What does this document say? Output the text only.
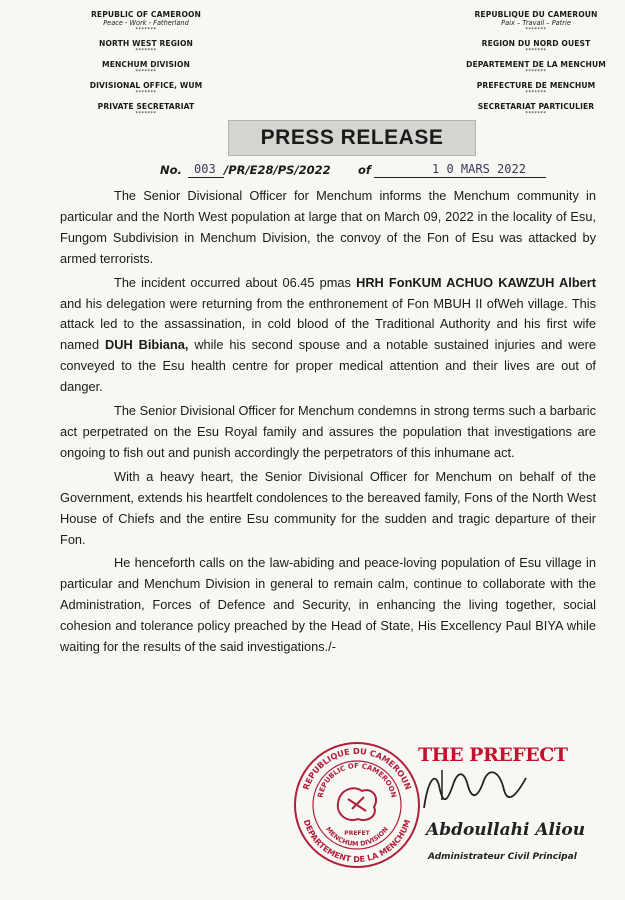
REPUBLIC OF CAMEROON
Peace - Work - Fatherland
*******
NORTH WEST REGION
*******
MENCHUM DIVISION
*******
DIVISIONAL OFFICE, WUM
*******
PRIVATE SECRETARIAT
*******
REPUBLIQUE DU CAMEROUN
Paix – Travail – Patrie
*******
REGION DU NORD OUEST
*******
DEPARTEMENT DE LA MENCHUM
*******
PREFECTURE DE MENCHUM
*******
SECRETARIAT PARTICULIER
*******
PRESS RELEASE
No. 003 /PR/E28/PS/2022 of	1 0 MARS 2022

The Senior Divisional Officer for Menchum informs the Menchum community in particular and the North West population at large that on March 09, 2022 in the locality of Esu, Fungom Subdivision in Menchum Division, the convoy of the Fon of Esu was attacked by armed terrorists.

The incident occurred about 06.45 pmas HRH FonKUM ACHUO KAWZUH Albert and his delegation were returning from the enthronement of Fon MBUH II ofWeh village. This attack led to the assassination, in cold blood of the Traditional Authority and his first wife named DUH Bibiana, while his second spouse and a notable sustained injuries and were conveyed to the Esu health centre for proper medical attention and their lives are out of danger.

The Senior Divisional Officer for Menchum condemns in strong terms such a barbaric act perpetrated on the Esu Royal family and assures the population that investigations are ongoing to fish out and punish accordingly the perpetrators of this inhumane act.

With a heavy heart, the Senior Divisional Officer for Menchum on behalf of the Government, extends his heartfelt condolences to the bereaved family, Fons of the North West House of Chiefs and the entire Esu community for the sudden and tragic departure of their Fon.

He henceforth calls on the law-abiding and peace-loving population of Esu village in particular and Menchum Division in general to remain calm, continue to collaborate with the Administration, Forces of Defence and Security, in enhancing the living together, social cohesion and tolerance policy preached by the Head of State, His Excellency Paul BIYA while waiting for the results of the said investigations./-

REPUBLIQUE DU CAMEROUN
REPUBLIC OF CAMEROON
DEPARTEMENT DE LA MENCHUM
MENCHUM DIVISION
PREFET
THE PREFECT
Abdoullahi Aliou
Administrateur Civil Principal
